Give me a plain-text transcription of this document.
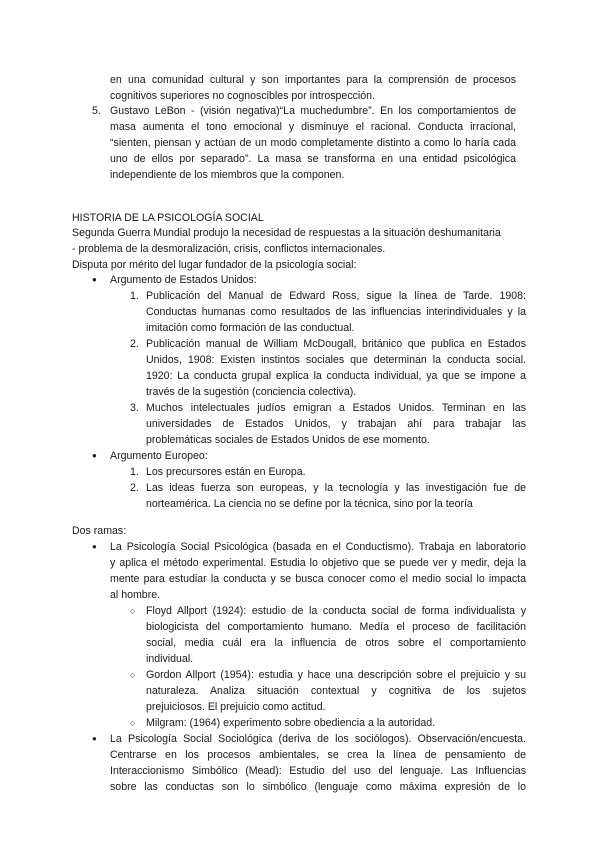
en una comunidad cultural y son importantes para la comprensión de procesos
cognitivos superiores no cognoscibles por introspección.
5. Gustavo LeBon - (visión negativa)“La muchedumbre”. En los comportamientos de
masa aumenta el tono emocional y disminuye el racional. Conducta irracional,
“sienten, piensan y actúan de un modo completamente distinto a como lo haría cada
uno de ellos por separado”. La masa se transforma en una entidad psicológica
independiente de los miembros que la componen.
HISTORIA DE LA PSICOLOGÍA SOCIAL
Segunda Guerra Mundial produjo la necesidad de respuestas a la situación deshumanitaria
- problema de la desmoralización, crisis, conflictos internacionales.
Disputa por mérito del lugar fundador de la psicología social:
● Argumento de Estados Unidos:
1. Publicación del Manual de Edward Ross, sigue la línea de Tarde. 1908:
Conductas humanas como resultados de las influencias interindividuales y la
imitación como formación de las conductual.
2. Publicación manual de William McDougall, británico que publica en Estados
Unidos, 1908: Existen instintos sociales que determinan la conducta social.
1920: La conducta grupal explica la conducta individual, ya que se impone a
través de la sugestión (conciencia colectiva).
3. Muchos intelectuales judíos emigran a Estados Unidos. Terminan en las
universidades de Estados Unidos, y trabajan ahí para trabajar las
problemáticas sociales de Estados Unidos de ese momento.
● Argumento Europeo:
1. Los precursores están en Europa.
2. Las ideas fuerza son europeas, y la tecnología y las investigación fue de
norteamérica. La ciencia no se define por la técnica, sino por la teoría
Dos ramas:
● La Psicología Social Psicológica (basada en el Conductismo). Trabaja en laboratorio
y aplica el método experimental. Estudia lo objetivo que se puede ver y medir, deja la
mente para estudiar la conducta y se busca conocer como el medio social lo impacta
al hombre.
○ Floyd Allport (1924): estudio de la conducta social de forma individualista y
biologicista del comportamiento humano. Medía el proceso de facilitación
social, media cuál era la influencia de otros sobre el comportamiento
individual.
○ Gordon Allport (1954): estudia y hace una descripción sobre el prejuicio y su
naturaleza. Analiza situación contextual y cognitiva de los sujetos
prejuiciosos. El prejuicio como actitud.
○ Milgram: (1964) experimento sobre obediencia a la autoridad.
● La Psicología Social Sociológica (deriva de los sociólogos). Observación/encuesta.
Centrarse en los procesos ambientales, se crea la línea de pensamiento de
Interaccionismo Simbólico (Mead): Estudio del uso del lenguaje. Las Influencias
sobre las conductas son lo simbólico (lenguaje como máxima expresión de lo
